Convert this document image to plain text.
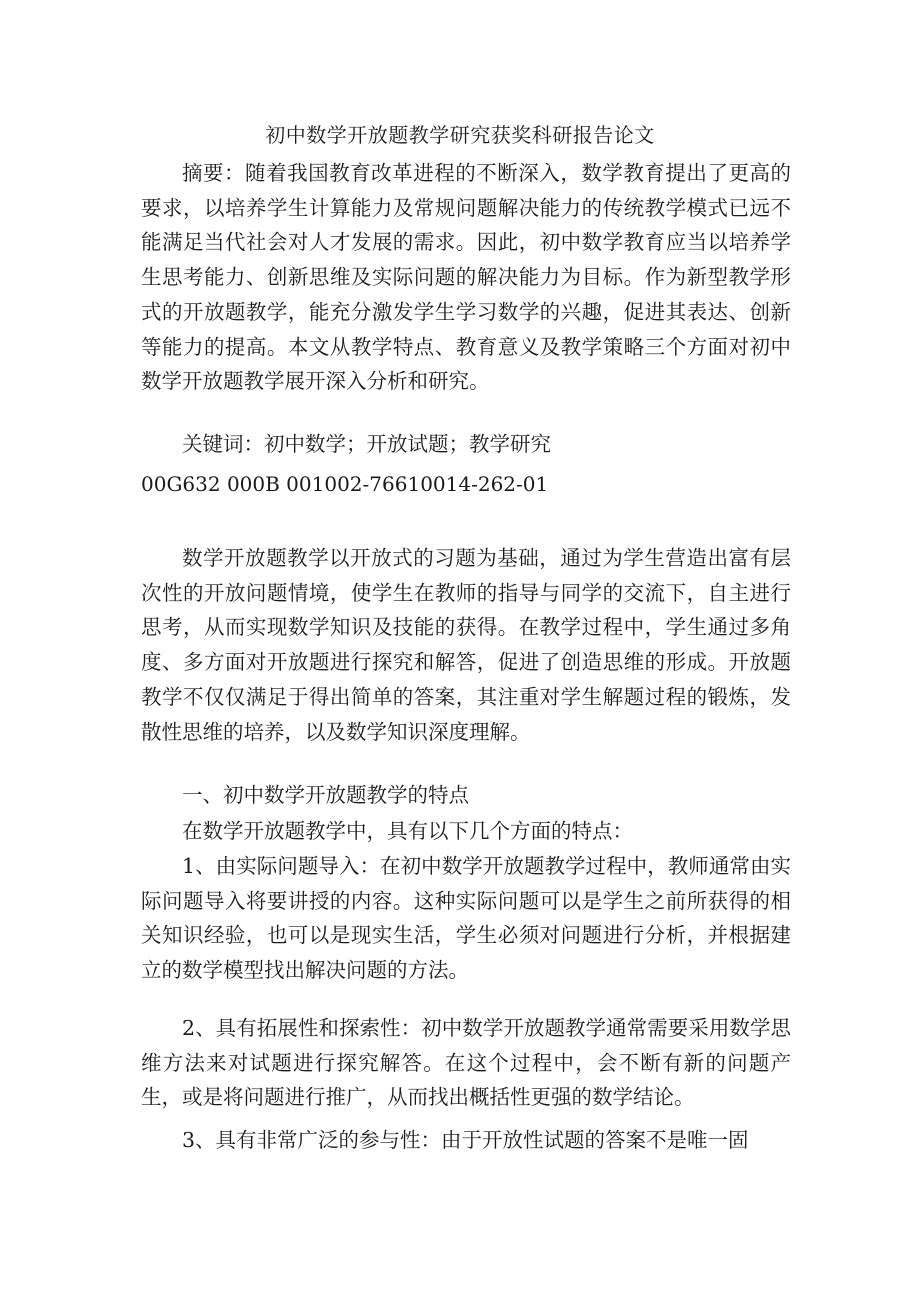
初中数学开放题教学研究获奖科研报告论文

摘要：随着我国教育改革进程的不断深入，数学教育提出了更高的要求，以培养学生计算能力及常规问题解决能力的传统教学模式已远不能满足当代社会对人才发展的需求。因此，初中数学教育应当以培养学生思考能力、创新思维及实际问题的解决能力为目标。作为新型教学形式的开放题教学，能充分激发学生学习数学的兴趣，促进其表达、创新等能力的提高。本文从教学特点、教育意义及教学策略三个方面对初中数学开放题教学展开深入分析和研究。

关键词：初中数学；开放试题；教学研究

00G632 000B 001002-76610014-262-01

数学开放题教学以开放式的习题为基础，通过为学生营造出富有层次性的开放问题情境，使学生在教师的指导与同学的交流下，自主进行思考，从而实现数学知识及技能的获得。在教学过程中，学生通过多角度、多方面对开放题进行探究和解答，促进了创造思维的形成。开放题教学不仅仅满足于得出简单的答案，其注重对学生解题过程的锻炼，发散性思维的培养，以及数学知识深度理解。

一、初中数学开放题教学的特点

在数学开放题教学中，具有以下几个方面的特点：

1、由实际问题导入：在初中数学开放题教学过程中，教师通常由实际问题导入将要讲授的内容。这种实际问题可以是学生之前所获得的相关知识经验，也可以是现实生活，学生必须对问题进行分析，并根据建立的数学模型找出解决问题的方法。

2、具有拓展性和探索性：初中数学开放题教学通常需要采用数学思维方法来对试题进行探究解答。在这个过程中，会不断有新的问题产生，或是将问题进行推广，从而找出概括性更强的数学结论。

3、具有非常广泛的参与性：由于开放性试题的答案不是唯一固
